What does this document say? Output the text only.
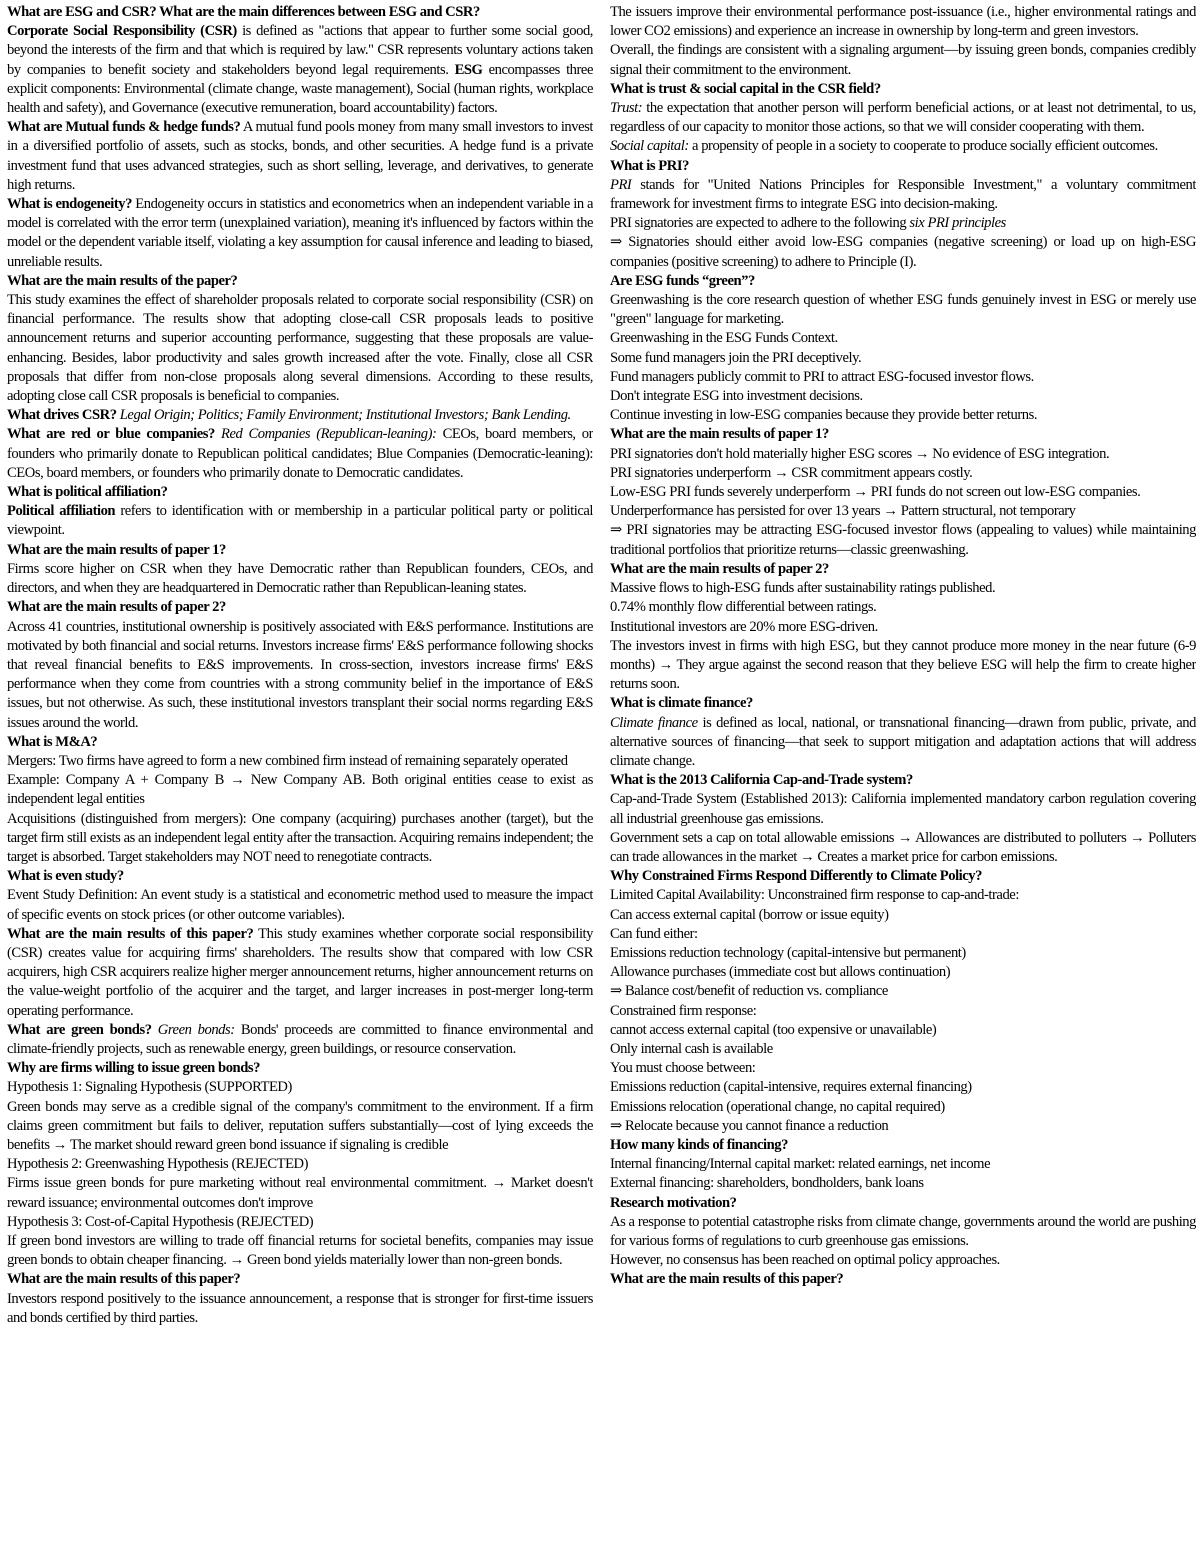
What are ESG and CSR? What are the main differences between ESG and CSR?

Corporate Social Responsibility (CSR) is defined as "actions that appear to further some social good, beyond the interests of the firm and that which is required by law." CSR represents voluntary actions taken by companies to benefit society and stakeholders beyond legal requirements. ESG encompasses three explicit components: Environmental (climate change, waste management), Social (human rights, workplace health and safety), and Governance (executive remuneration, board accountability) factors.

What are Mutual funds & hedge funds? A mutual fund pools money from many small investors to invest in a diversified portfolio of assets, such as stocks, bonds, and other securities. A hedge fund is a private investment fund that uses advanced strategies, such as short selling, leverage, and derivatives, to generate high returns.

What is endogeneity? Endogeneity occurs in statistics and econometrics when an independent variable in a model is correlated with the error term (unexplained variation), meaning it's influenced by factors within the model or the dependent variable itself, violating a key assumption for causal inference and leading to biased, unreliable results.

What are the main results of the paper?

This study examines the effect of shareholder proposals related to corporate social responsibility (CSR) on financial performance. The results show that adopting close-call CSR proposals leads to positive announcement returns and superior accounting performance, suggesting that these proposals are value-enhancing. Besides, labor productivity and sales growth increased after the vote. Finally, close all CSR proposals that differ from non-close proposals along several dimensions. According to these results, adopting close call CSR proposals is beneficial to companies.

What drives CSR? Legal Origin; Politics; Family Environment; Institutional Investors; Bank Lending.

What are red or blue companies? Red Companies (Republican-leaning): CEOs, board members, or founders who primarily donate to Republican political candidates; Blue Companies (Democratic-leaning): CEOs, board members, or founders who primarily donate to Democratic candidates.

What is political affiliation?

Political affiliation refers to identification with or membership in a particular political party or political viewpoint.

What are the main results of paper 1?

Firms score higher on CSR when they have Democratic rather than Republican founders, CEOs, and directors, and when they are headquartered in Democratic rather than Republican-leaning states.

What are the main results of paper 2?

Across 41 countries, institutional ownership is positively associated with E&S performance. Institutions are motivated by both financial and social returns. Investors increase firms' E&S performance following shocks that reveal financial benefits to E&S improvements. In cross-section, investors increase firms' E&S performance when they come from countries with a strong community belief in the importance of E&S issues, but not otherwise. As such, these institutional investors transplant their social norms regarding E&S issues around the world.

What is M&A?

Mergers: Two firms have agreed to form a new combined firm instead of remaining separately operated

Example: Company A + Company B → New Company AB. Both original entities cease to exist as independent legal entities

Acquisitions (distinguished from mergers): One company (acquiring) purchases another (target), but the target firm still exists as an independent legal entity after the transaction. Acquiring remains independent; the target is absorbed. Target stakeholders may NOT need to renegotiate contracts.

What is even study?

Event Study Definition: An event study is a statistical and econometric method used to measure the impact of specific events on stock prices (or other outcome variables).

What are the main results of this paper? This study examines whether corporate social responsibility (CSR) creates value for acquiring firms' shareholders. The results show that compared with low CSR acquirers, high CSR acquirers realize higher merger announcement returns, higher announcement returns on the value-weight portfolio of the acquirer and the target, and larger increases in post-merger long-term operating performance.

What are green bonds? Green bonds: Bonds' proceeds are committed to finance environmental and climate-friendly projects, such as renewable energy, green buildings, or resource conservation.

Why are firms willing to issue green bonds?

Hypothesis 1: Signaling Hypothesis (SUPPORTED)

Green bonds may serve as a credible signal of the company's commitment to the environment. If a firm claims green commitment but fails to deliver, reputation suffers substantially—cost of lying exceeds the benefits → The market should reward green bond issuance if signaling is credible

Hypothesis 2: Greenwashing Hypothesis (REJECTED)

Firms issue green bonds for pure marketing without real environmental commitment. → Market doesn't reward issuance; environmental outcomes don't improve

Hypothesis 3: Cost-of-Capital Hypothesis (REJECTED)

If green bond investors are willing to trade off financial returns for societal benefits, companies may issue green bonds to obtain cheaper financing. → Green bond yields materially lower than non-green bonds.

What are the main results of this paper?

Investors respond positively to the issuance announcement, a response that is stronger for first-time issuers and bonds certified by third parties.

The issuers improve their environmental performance post-issuance (i.e., higher environmental ratings and lower CO2 emissions) and experience an increase in ownership by long-term and green investors.

Overall, the findings are consistent with a signaling argument—by issuing green bonds, companies credibly signal their commitment to the environment.

What is trust & social capital in the CSR field?

Trust: the expectation that another person will perform beneficial actions, or at least not detrimental, to us, regardless of our capacity to monitor those actions, so that we will consider cooperating with them.

Social capital: a propensity of people in a society to cooperate to produce socially efficient outcomes.

What is PRI?

PRI stands for "United Nations Principles for Responsible Investment," a voluntary commitment framework for investment firms to integrate ESG into decision-making.

PRI signatories are expected to adhere to the following six PRI principles

⇒ Signatories should either avoid low-ESG companies (negative screening) or load up on high-ESG companies (positive screening) to adhere to Principle (I).

Are ESG funds “green”?

Greenwashing is the core research question of whether ESG funds genuinely invest in ESG or merely use "green" language for marketing.

Greenwashing in the ESG Funds Context.

Some fund managers join the PRI deceptively.

Fund managers publicly commit to PRI to attract ESG-focused investor flows.

Don't integrate ESG into investment decisions.

Continue investing in low-ESG companies because they provide better returns.

What are the main results of paper 1?

PRI signatories don't hold materially higher ESG scores → No evidence of ESG integration.

PRI signatories underperform → CSR commitment appears costly.

Low-ESG PRI funds severely underperform → PRI funds do not screen out low-ESG companies.

Underperformance has persisted for over 13 years → Pattern structural, not temporary

⇒ PRI signatories may be attracting ESG-focused investor flows (appealing to values) while maintaining traditional portfolios that prioritize returns—classic greenwashing.

What are the main results of paper 2?

Massive flows to high-ESG funds after sustainability ratings published.

0.74% monthly flow differential between ratings.

Institutional investors are 20% more ESG-driven.

The investors invest in firms with high ESG, but they cannot produce more money in the near future (6-9 months) → They argue against the second reason that they believe ESG will help the firm to create higher returns soon.

What is climate finance?

Climate finance is defined as local, national, or transnational financing—drawn from public, private, and alternative sources of financing—that seek to support mitigation and adaptation actions that will address climate change.

What is the 2013 California Cap-and-Trade system?

Cap-and-Trade System (Established 2013): California implemented mandatory carbon regulation covering all industrial greenhouse gas emissions.

Government sets a cap on total allowable emissions → Allowances are distributed to polluters → Polluters can trade allowances in the market → Creates a market price for carbon emissions.

Why Constrained Firms Respond Differently to Climate Policy?

Limited Capital Availability: Unconstrained firm response to cap-and-trade:

Can access external capital (borrow or issue equity)

Can fund either:

Emissions reduction technology (capital-intensive but permanent)

Allowance purchases (immediate cost but allows continuation)

⇒ Balance cost/benefit of reduction vs. compliance

Constrained firm response:

cannot access external capital (too expensive or unavailable)

Only internal cash is available

You must choose between:

Emissions reduction (capital-intensive, requires external financing)

Emissions relocation (operational change, no capital required)

⇒ Relocate because you cannot finance a reduction

How many kinds of financing?

Internal financing/Internal capital market: related earnings, net income

External financing: shareholders, bondholders, bank loans

Research motivation?

As a response to potential catastrophe risks from climate change, governments around the world are pushing for various forms of regulations to curb greenhouse gas emissions.

However, no consensus has been reached on optimal policy approaches.

What are the main results of this paper?
